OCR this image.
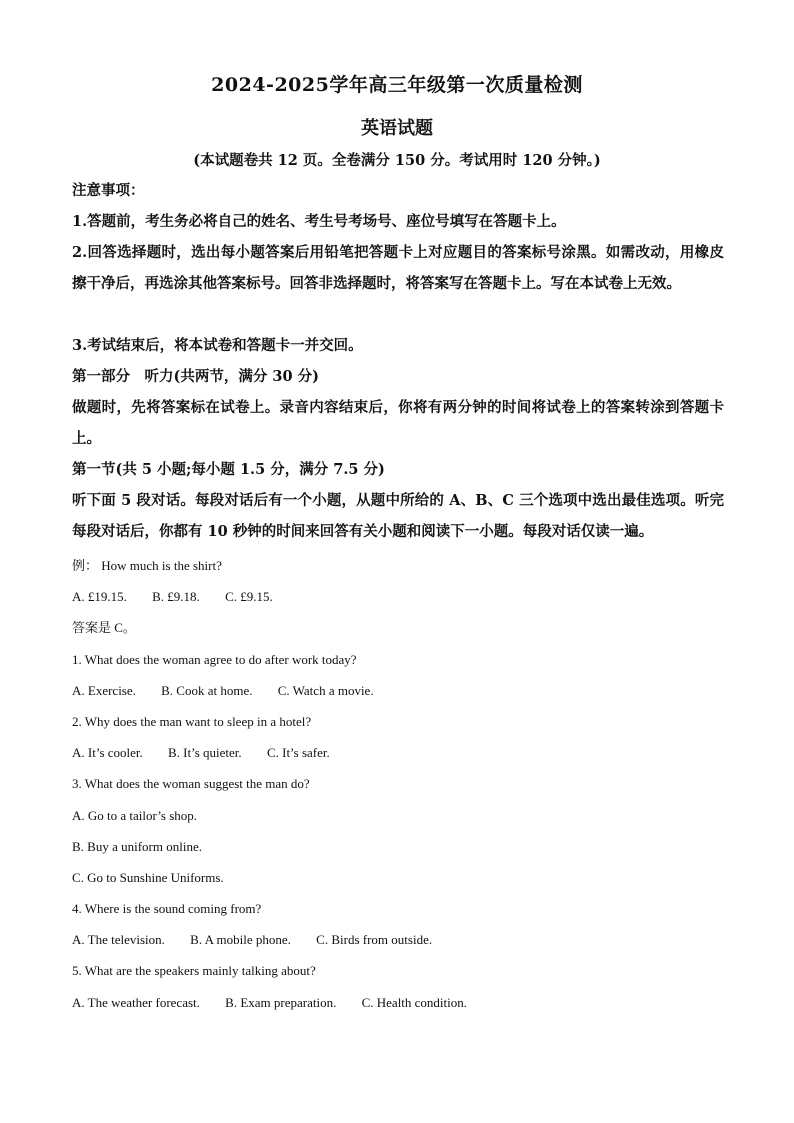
2024-2025学年高三年级第一次质量检测
英语试题
(本试题卷共 12 页。全卷满分 150 分。考试用时 120 分钟。)
注意事项：
1.答题前，考生务必将自己的姓名、考生号考场号、座位号填写在答题卡上。
2.回答选择题时，选出每小题答案后用铅笔把答题卡上对应题目的答案标号涂黑。如需改动，用橡皮擦干净后，再选涂其他答案标号。回答非选择题时，将答案写在答题卡上。写在本试卷上无效。
3.考试结束后，将本试卷和答题卡一并交回。
第一部分　听力(共两节，满分 30 分)
做题时，先将答案标在试卷上。录音内容结束后，你将有两分钟的时间将试卷上的答案转涂到答题卡上。
第一节(共 5 小题;每小题 1.5 分，满分 7.5 分)
听下面 5 段对话。每段对话后有一个小题，从题中所给的 A、B、C 三个选项中选出最佳选项。听完每段对话后，你都有 10 秒钟的时间来回答有关小题和阅读下一小题。每段对话仅读一遍。
例： How much is the shirt?
A. £19.15. B. £9.18. C. £9.15.
答案是 C。
1. What does the woman agree to do after work today?
A. Exercise. B. Cook at home. C. Watch a movie.
2. Why does the man want to sleep in a hotel?
A. It’s cooler. B. It’s quieter. C. It’s safer.
3. What does the woman suggest the man do?
A. Go to a tailor’s shop.
B. Buy a uniform online.
C. Go to Sunshine Uniforms.
4. Where is the sound coming from?
A. The television. B. A mobile phone. C. Birds from outside.
5. What are the speakers mainly talking about?
A. The weather forecast. B. Exam preparation. C. Health condition.
